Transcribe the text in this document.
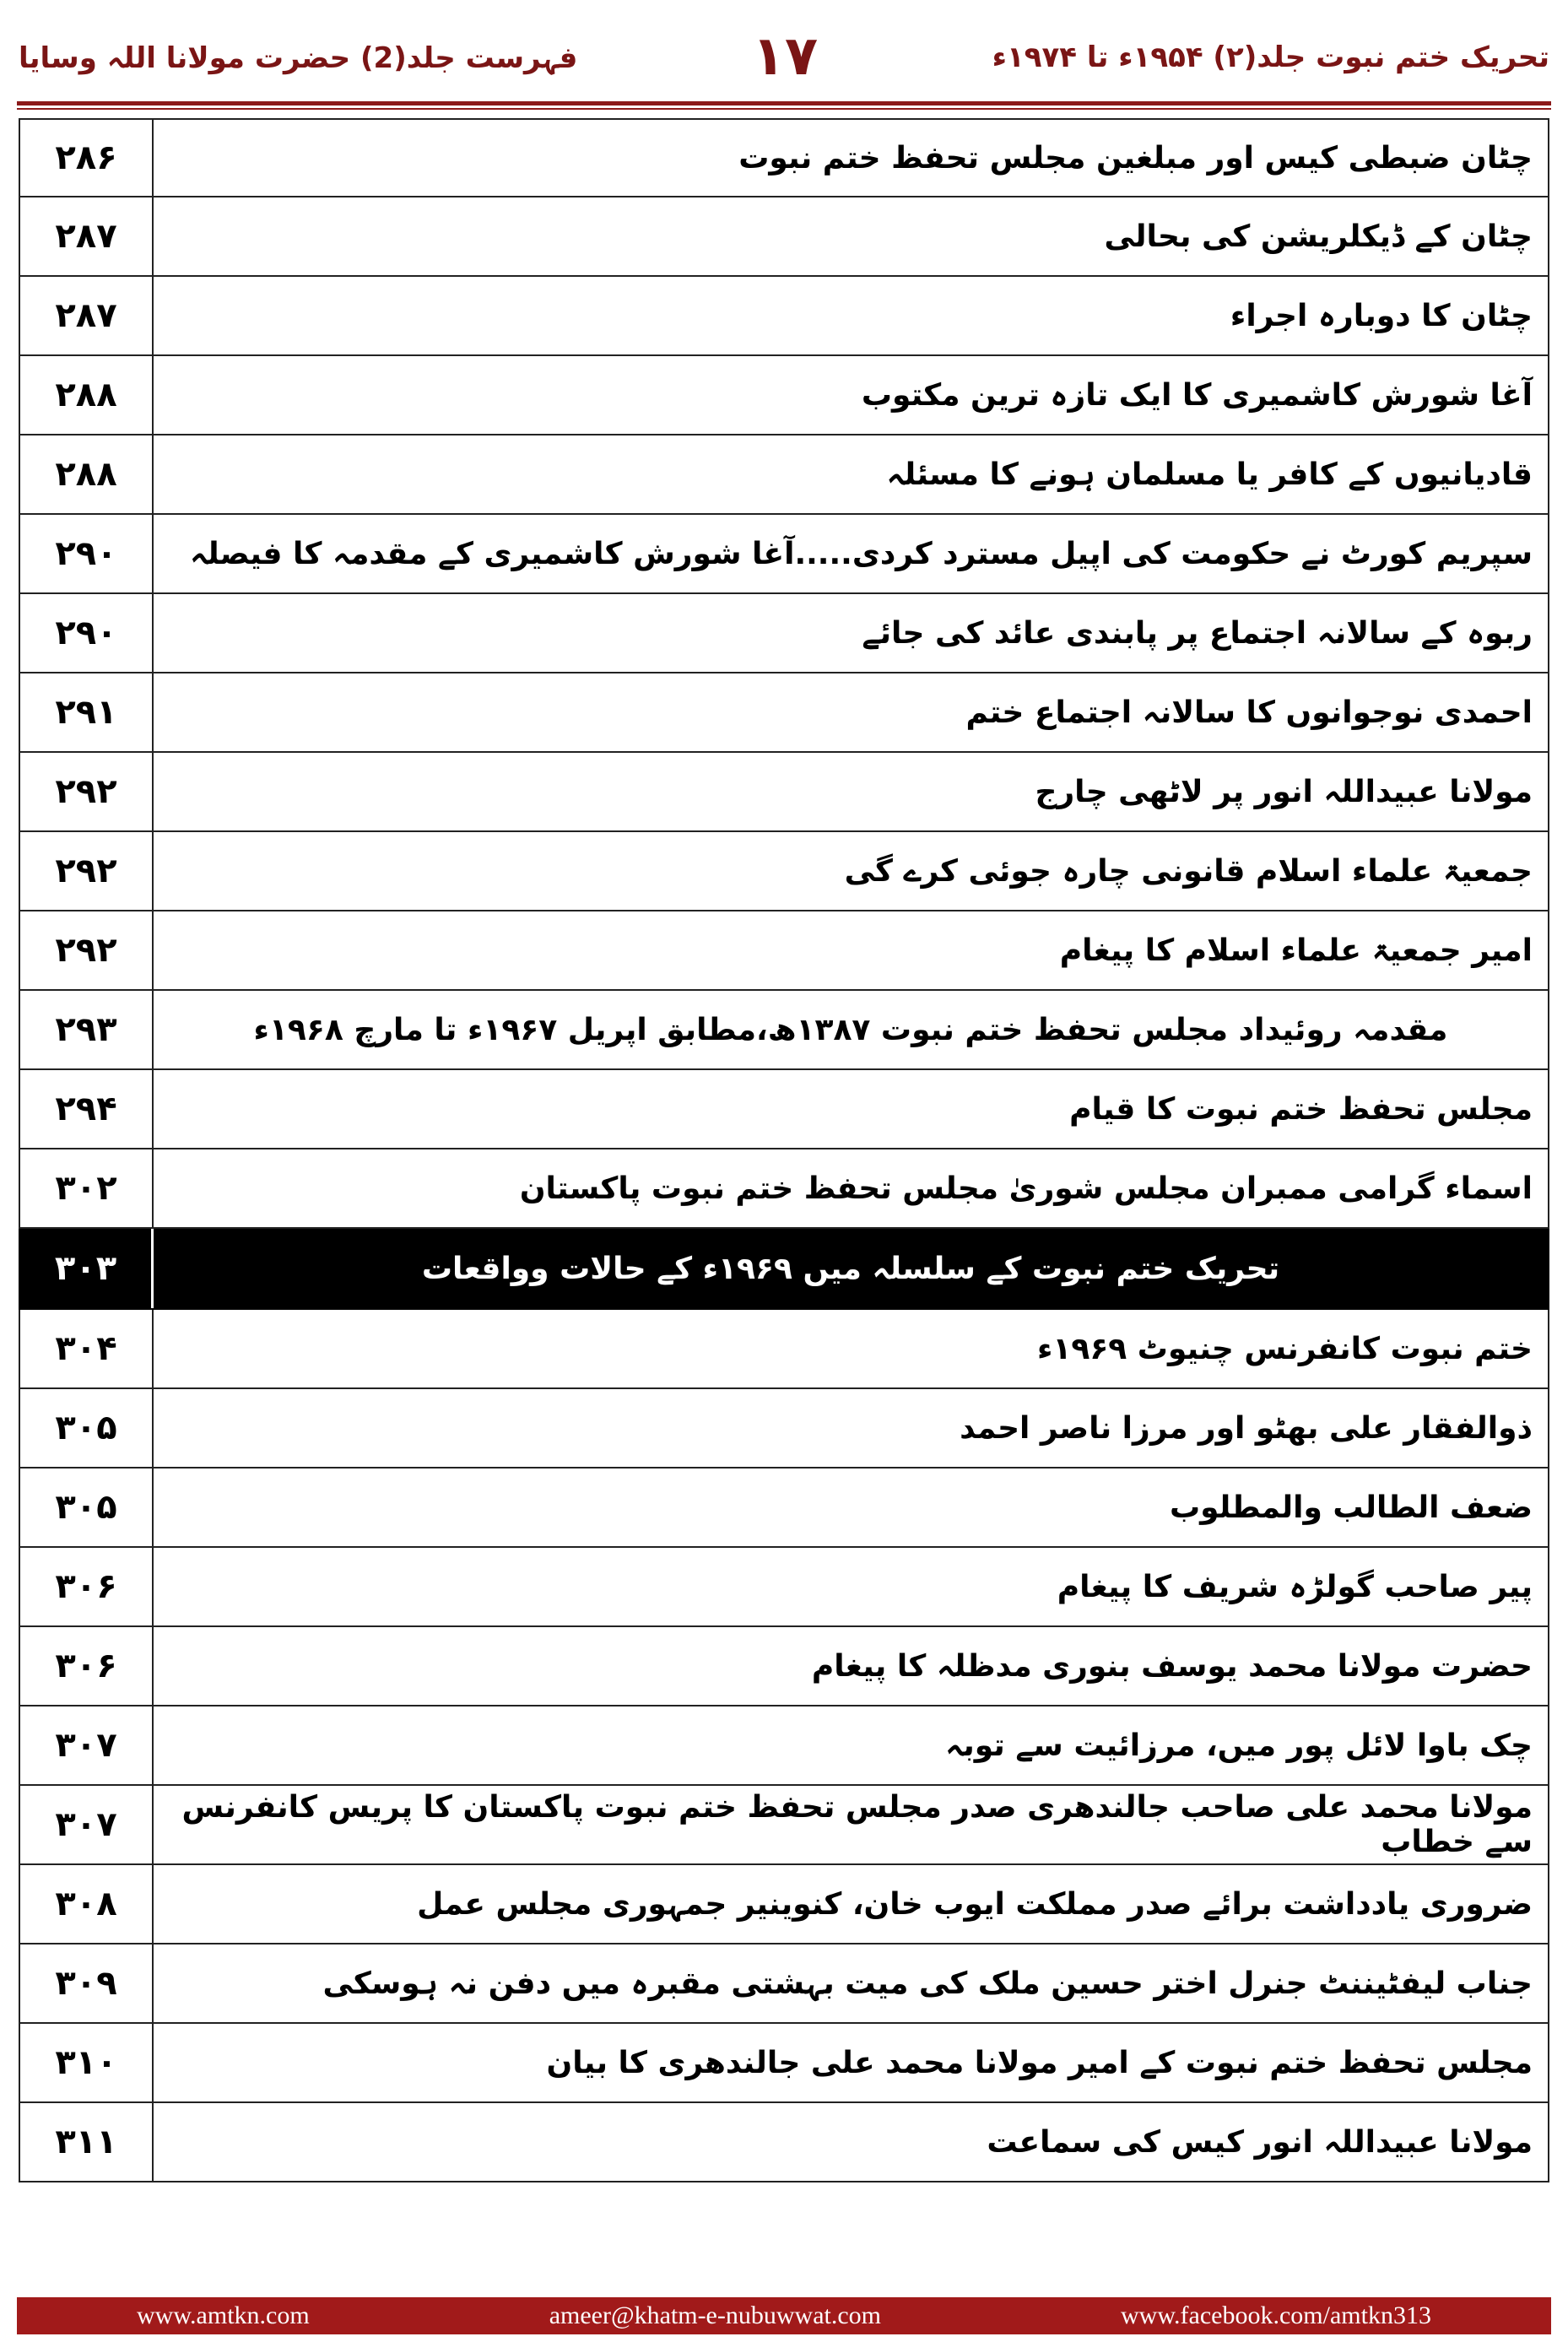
فہرست جلد(2) حضرت مولانا اللہ وسایا	۱۷	تحریک ختم نبوت جلد(۲) ۱۹۵۴ء تا ۱۹۷۴ء
۲۸۶	چٹان ضبطی کیس اور مبلغین مجلس تحفظ ختم نبوت
۲۸۷	چٹان کے ڈیکلریشن کی بحالی
۲۸۷	چٹان کا دوبارہ اجراء
۲۸۸	آغا شورش کاشمیری کا ایک تازہ ترین مکتوب
۲۸۸	قادیانیوں کے کافر یا مسلمان ہونے کا مسئلہ
۲۹۰	سپریم کورٹ نے حکومت کی اپیل مسترد کردی.....آغا شورش کاشمیری کے مقدمہ کا فیصلہ
۲۹۰	ربوہ کے سالانہ اجتماع پر پابندی عائد کی جائے
۲۹۱	احمدی نوجوانوں کا سالانہ اجتماع ختم
۲۹۲	مولانا عبیداللہ انور پر لاٹھی چارج
۲۹۲	جمعیۃ علماء اسلام قانونی چارہ جوئی کرے گی
۲۹۲	امیر جمعیۃ علماء اسلام کا پیغام
۲۹۳	مقدمہ روئیداد مجلس تحفظ ختم نبوت ۱۳۸۷ھ،مطابق اپریل ۱۹۶۷ء تا مارچ ۱۹۶۸ء
۲۹۴	مجلس تحفظ ختم نبوت کا قیام
۳۰۲	اسماء گرامی ممبران مجلس شوریٰ مجلس تحفظ ختم نبوت پاکستان
۳۰۳	تحریک ختم نبوت کے سلسلہ میں ۱۹۶۹ء کے حالات وواقعات
۳۰۴	ختم نبوت کانفرنس چنیوٹ ۱۹۶۹ء
۳۰۵	ذوالفقار علی بھٹو اور مرزا ناصر احمد
۳۰۵	ضعف الطالب والمطلوب
۳۰۶	پیر صاحب گولڑہ شریف کا پیغام
۳۰۶	حضرت مولانا محمد یوسف بنوری مدظلہ کا پیغام
۳۰۷	چک باوا لائل پور میں، مرزائیت سے توبہ
۳۰۷	مولانا محمد علی صاحب جالندھری صدر مجلس تحفظ ختم نبوت پاکستان کا پریس کانفرنس سے خطاب
۳۰۸	ضروری یادداشت برائے صدر مملکت ایوب خان، کنوینیر جمہوری مجلس عمل
۳۰۹	جناب لیفٹیننٹ جنرل اختر حسین ملک کی میت بہشتی مقبرہ میں دفن نہ ہوسکی
۳۱۰	مجلس تحفظ ختم نبوت کے امیر مولانا محمد علی جالندھری کا بیان
۳۱۱	مولانا عبیداللہ انور کیس کی سماعت
www.amtkn.com	ameer@khatm-e-nubuwwat.com	www.facebook.com/amtkn313
